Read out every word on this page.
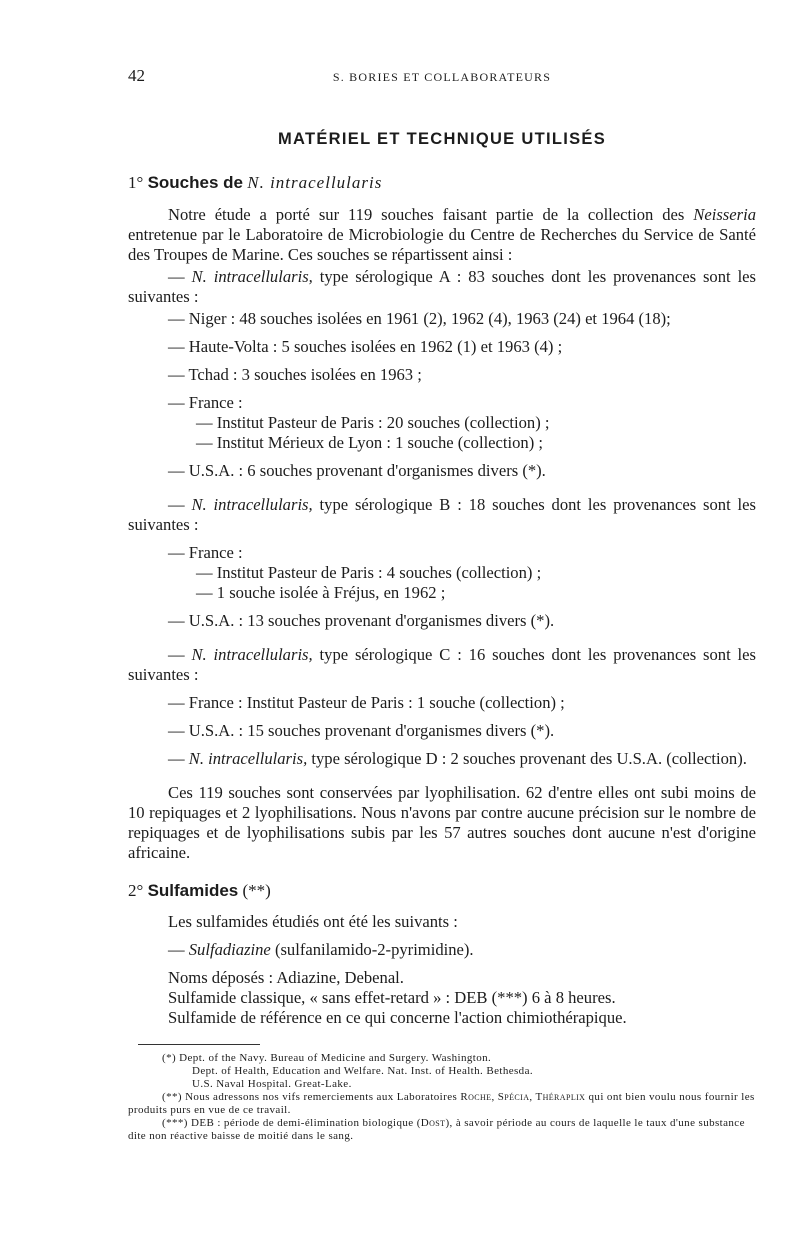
42	S. BORIES ET COLLABORATEURS
MATÉRIEL ET TECHNIQUE UTILISÉS
1° Souches de N. intracellularis

Notre étude a porté sur 119 souches faisant partie de la collection des Neisseria entretenue par le Laboratoire de Microbiologie du Centre de Recherches du Service de Santé des Troupes de Marine. Ces souches se répartissent ainsi :

— N. intracellularis, type sérologique A : 83 souches dont les provenances sont les suivantes :

— Niger : 48 souches isolées en 1961 (2), 1962 (4), 1963 (24) et 1964 (18);

— Haute-Volta : 5 souches isolées en 1962 (1) et 1963 (4) ;

— Tchad : 3 souches isolées en 1963 ;

— France :

— Institut Pasteur de Paris : 20 souches (collection) ;

— Institut Mérieux de Lyon : 1 souche (collection) ;

— U.S.A. : 6 souches provenant d'organismes divers (*).

— N. intracellularis, type sérologique B : 18 souches dont les provenances sont les suivantes :

— France :

— Institut Pasteur de Paris : 4 souches (collection) ;

— 1 souche isolée à Fréjus, en 1962 ;

— U.S.A. : 13 souches provenant d'organismes divers (*).

— N. intracellularis, type sérologique C : 16 souches dont les provenances sont les suivantes :

— France : Institut Pasteur de Paris : 1 souche (collection) ;

— U.S.A. : 15 souches provenant d'organismes divers (*).

— N. intracellularis, type sérologique D : 2 souches provenant des U.S.A. (collection).

Ces 119 souches sont conservées par lyophilisation. 62 d'entre elles ont subi moins de 10 repiquages et 2 lyophilisations. Nous n'avons par contre aucune précision sur le nombre de repiquages et de lyophilisations subis par les 57 autres souches dont aucune n'est d'origine africaine.

2° Sulfamides (**)

Les sulfamides étudiés ont été les suivants :

— Sulfadiazine (sulfanilamido-2-pyrimidine).

Noms déposés : Adiazine, Debenal.

Sulfamide classique, « sans effet-retard » : DEB (***) 6 à 8 heures.

Sulfamide de référence en ce qui concerne l'action chimiothérapique.

(*) Dept. of the Navy. Bureau of Medicine and Surgery. Washington.

Dept. of Health, Education and Welfare. Nat. Inst. of Health. Bethesda.

U.S. Naval Hospital. Great-Lake.

(**) Nous adressons nos vifs remerciements aux Laboratoires Roche, Spécia, Théraplix qui ont bien voulu nous fournir les produits purs en vue de ce travail.

(***) DEB : période de demi-élimination biologique (Dost), à savoir période au cours de laquelle le taux d'une substance dite non réactive baisse de moitié dans le sang.
